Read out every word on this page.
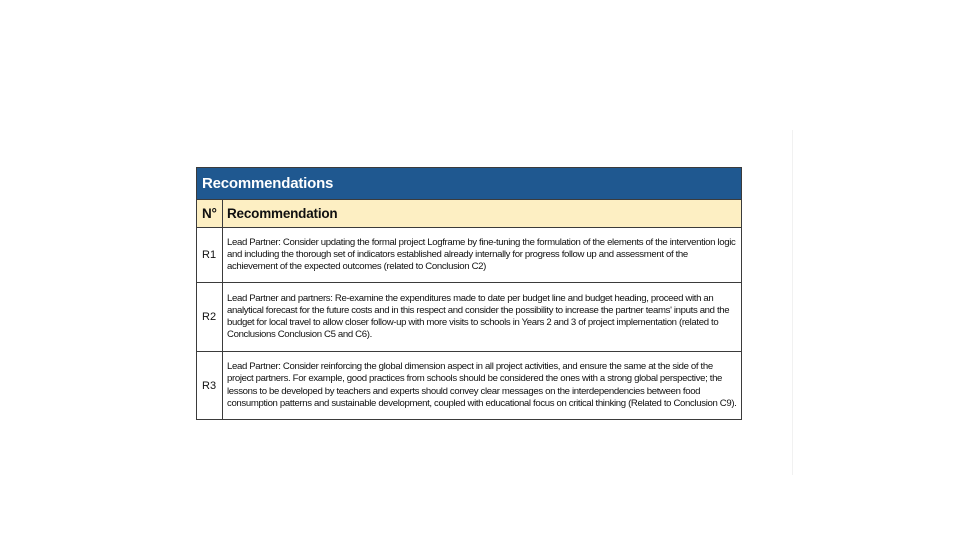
Recommendations	
N°	Recommendation
R1	Lead Partner: Consider updating the formal project Logframe by fine-tuning the formulation of the elements of the intervention logic and including the thorough set of indicators established already internally for progress follow up and assessment of the achievement of the expected outcomes (related to Conclusion C2)
R2	Lead Partner and partners: Re-examine the expenditures made to date per budget line and budget heading, proceed with an analytical forecast for the future costs and in this respect and consider the possibility to increase the partner teams' inputs and the budget for local travel to allow closer follow-up with more visits to schools in Years 2 and 3 of project implementation (related to Conclusions Conclusion C5 and C6).
R3	Lead Partner: Consider reinforcing the global dimension aspect in all project activities, and ensure the same at the side of the project partners. For example, good practices from schools should be considered the ones with a strong global perspective; the lessons to be developed by teachers and experts should convey clear messages on the interdependencies between food consumption patterns and sustainable development, coupled with educational focus on critical thinking (Related to Conclusion C9).
